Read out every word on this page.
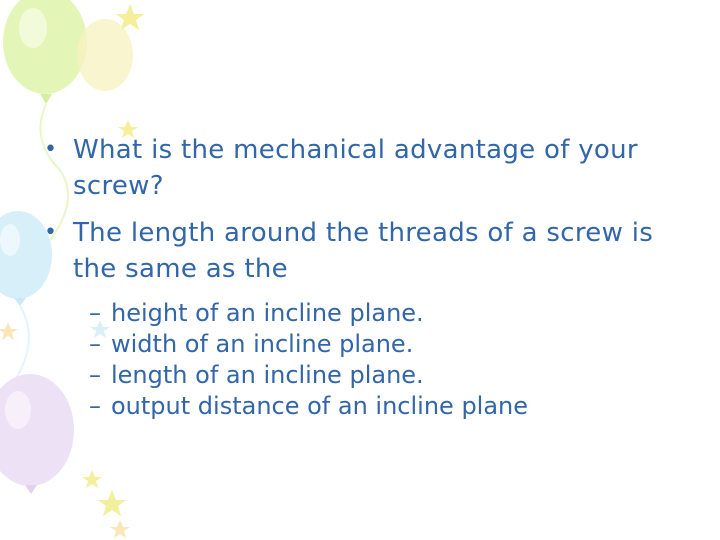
• What is the mechanical advantage of your screw?
• The length around the threads of a screw is the same as the
– height of an incline plane.
– width of an incline plane.
– length of an incline plane.
– output distance of an incline plane
